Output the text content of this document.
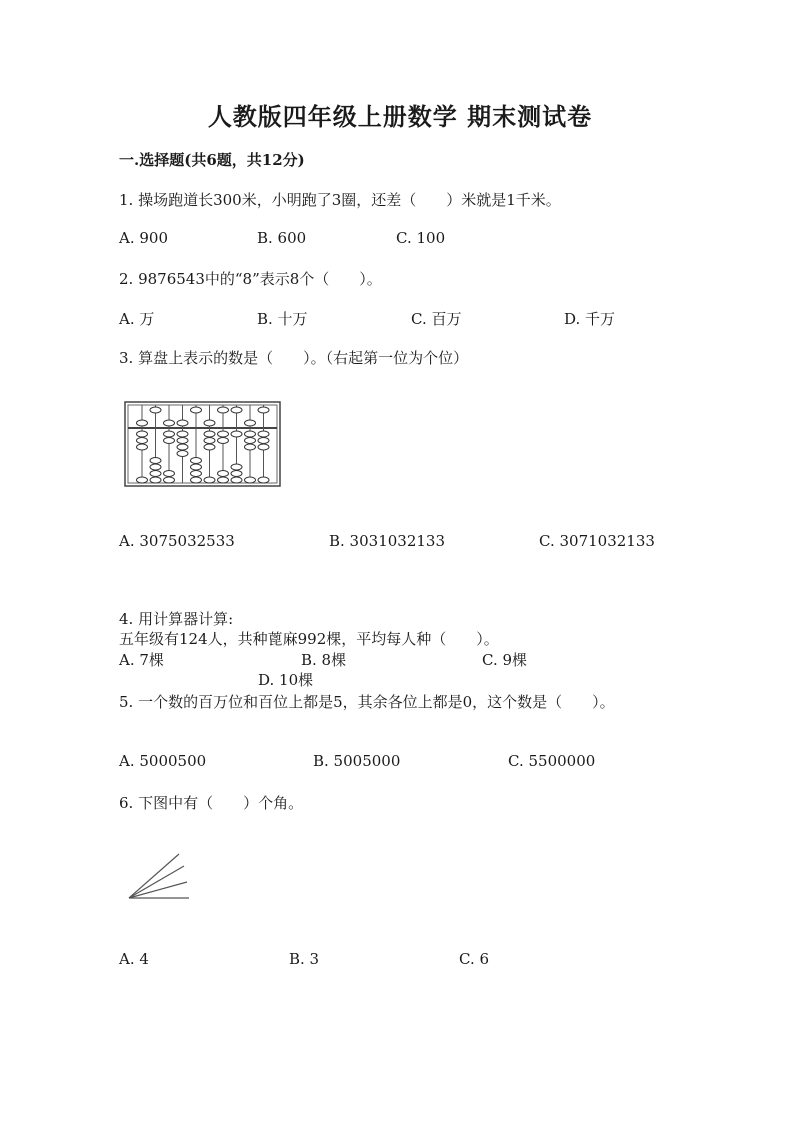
人教版四年级上册数学 期末测试卷
一.选择题(共6题，共12分)
1. 操场跑道长300米，小明跑了3圈，还差（　　）米就是1千米。
A. 900	B. 600	C. 100
2. 9876543中的“8”表示8个（　　）。
A. 万	B. 十万	C. 百万	D. 千万
3. 算盘上表示的数是（　　）。（右起第一位为个位）
A. 3075032533	B. 3031032133	C. 3071032133
4. 用计算器计算:
五年级有124人，共种蓖麻992棵，平均每人种（　　）。
A. 7棵	B. 8棵	C. 9棵
D. 10棵
5. 一个数的百万位和百位上都是5，其余各位上都是0，这个数是（　　）。
A. 5000500	B. 5005000	C. 5500000
6. 下图中有（　　）个角。
A. 4	B. 3	C. 6
